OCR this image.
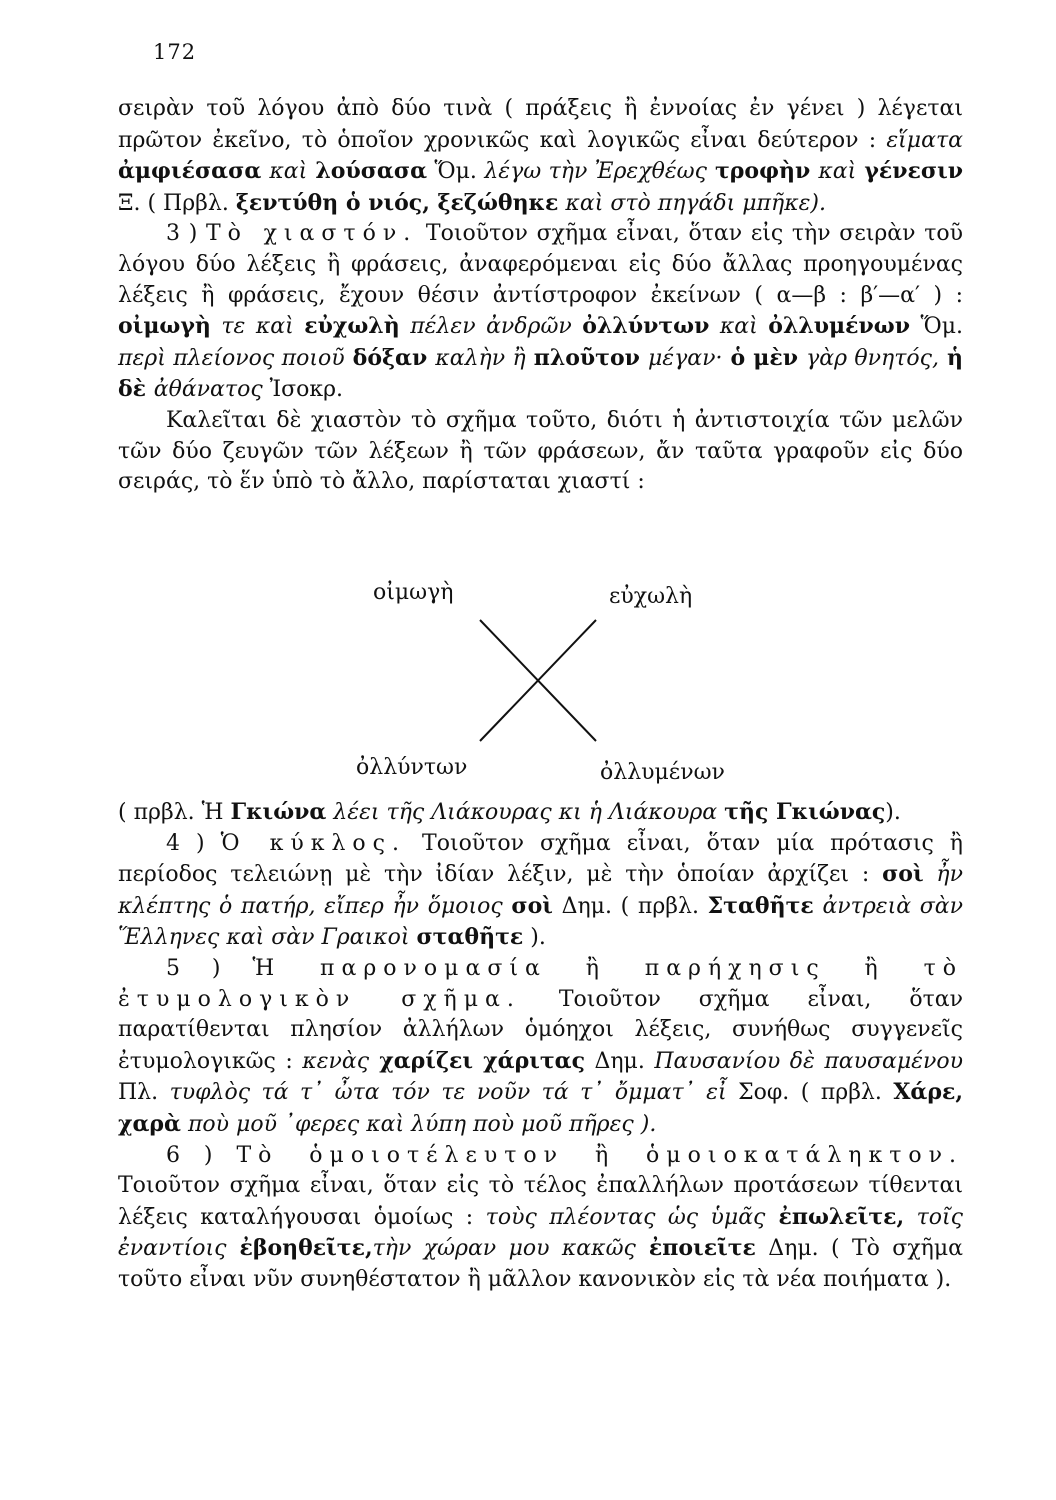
172

σειρὰν τοῦ λόγου ἀπὸ δύο τινὰ ( πράξεις ἢ ἐννοίας ἐν γένει ) λέγεται πρῶτον ἐκεῖνο, τὸ ὁποῖον χρονικῶς καὶ λογικῶς εἶναι δεύτερον : εἵματα ἀμφιέσασα καὶ λούσασα Ὅμ. λέγω τὴν Ἐρεχθέως τροφὴν καὶ γένεσιν Ξ. ( Πρβλ. ξεντύθη ὁ νιός, ξεζώθηκε καὶ στὸ πηγάδι μπῆκε).

3 ) Τὸ χιαστόν. Τοιοῦτον σχῆμα εἶναι, ὅταν εἰς τὴν σειρὰν τοῦ λόγου δύο λέξεις ἢ φράσεις, ἀναφερόμεναι εἰς δύο ἄλλας προηγουμένας λέξεις ἢ φράσεις, ἔχουν θέσιν ἀντίστροφον ἐκείνων ( α—β : β′—α′ ) : οἰμωγὴ τε καὶ εὐχωλὴ πέλεν ἀνδρῶν ὀλλύντων καὶ ὀλλυμένων Ὅμ. περὶ πλείονος ποιοῦ δόξαν καλὴν ἢ πλοῦτον μέγαν· ὁ μὲν γὰρ θνητός, ἡ δὲ ἀθάνατος Ἰσοκρ.

Καλεῖται δὲ χιαστὸν τὸ σχῆμα τοῦτο, διότι ἡ ἀντιστοιχία τῶν μελῶν τῶν δύο ζευγῶν τῶν λέξεων ἢ τῶν φράσεων, ἄν ταῦτα γραφοῦν εἰς δύο σειράς, τὸ ἕν ὑπὸ τὸ ἄλλο, παρίσταται χιαστί :

οἰμωγὴ	εὐχωλὴ
ὀλλύντων	ὀλλυμένων

( πρβλ. Ἡ Γκιώνα λέει τῆς Λιάκουρας κι ἡ Λιάκουρα τῆς Γκιώνας).

4 ) Ὁ κύκλος. Τοιοῦτον σχῆμα εἶναι, ὅταν μία πρότασις ἢ περίοδος τελειώνῃ μὲ τὴν ἰδίαν λέξιν, μὲ τὴν ὁποίαν ἀρχίζει : σοὶ ἦν κλέπτης ὁ πατήρ, εἴπερ ἦν ὅμοιος σοὶ Δημ. ( πρβλ. Σταθῆτε ἀντρειὰ σὰν Ἕλληνες καὶ σὰν Γραικοὶ σταθῆτε ).

5 ) Ἡ παρονομασία ἢ παρήχησις ἢ τὸ ἐτυμολογικὸν σχῆμα. Τοιοῦτον σχῆμα εἶναι, ὅταν παρατίθενται πλησίον ἀλλήλων ὁμόηχοι λέξεις, συνήθως συγγενεῖς ἐτυμολογικῶς : κενὰς χαρίζει χάριτας Δημ. Παυσανίου δὲ παυσαμένου Πλ. τυφλὸς τά τ᾽ ὦτα τόν τε νοῦν τά τ᾽ ὄμματ᾽ εἶ Σοφ. ( πρβλ. Χάρε, χαρὰ ποὺ μοῦ ᾽φερες καὶ λύπη ποὺ μοῦ πῆρες ).

6 ) Τὸ ὁμοιοτέλευτον ἢ ὁμοιοκατάληκτον. Τοιοῦτον σχῆμα εἶναι, ὅταν εἰς τὸ τέλος ἐπαλλήλων προτάσεων τίθενται λέξεις καταλήγουσαι ὁμοίως : τοὺς πλέοντας ὡς ὑμᾶς ἐπωλεῖτε, τοῖς ἐναντίοις ἐβοηθεῖτε,τὴν χώραν μου κακῶς ἐποιεῖτε Δημ. ( Τὸ σχῆμα τοῦτο εἶναι νῦν συνηθέστατον ἢ μᾶλλον κανονικὸν εἰς τὰ νέα ποιήματα ).
